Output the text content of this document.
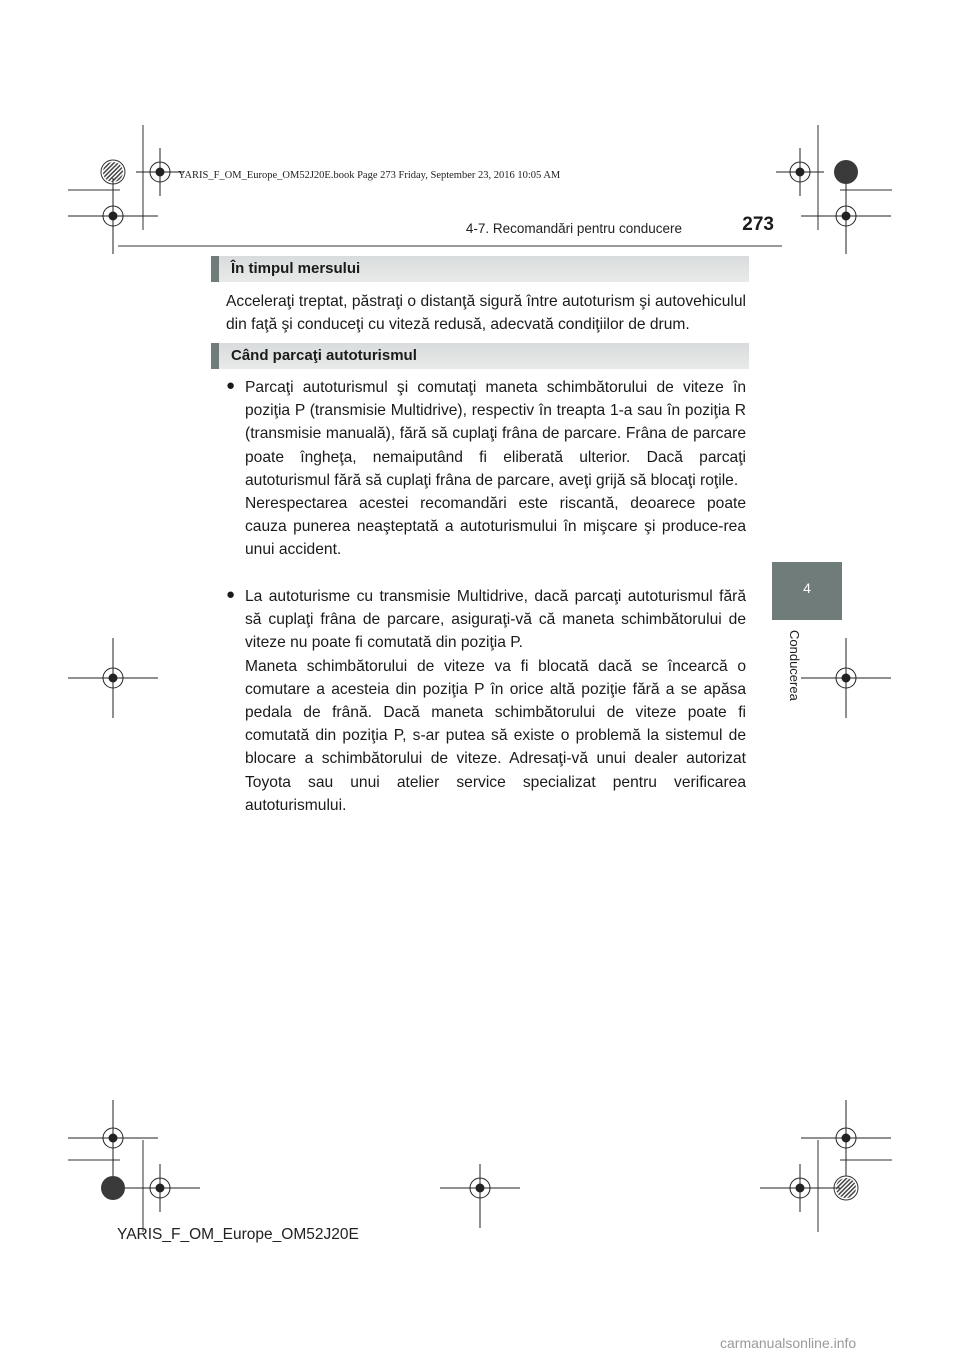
YARIS_F_OM_Europe_OM52J20E.book Page 273 Friday, September 23, 2016 10:05 AM
4-7. Recomandări pentru conducere	273
4
Conducerea
În timpul mersului
Acceleraţi treptat, păstraţi o distanţă sigură între autoturism şi autovehiculul din faţă şi conduceţi cu viteză redusă, adecvată condiţiilor de drum.
Când parcaţi autoturismul
● Parcaţi autoturismul şi comutaţi maneta schimbătorului de viteze în poziţia P (transmisie Multidrive), respectiv în treapta 1-a sau în poziţia R (transmisie manuală), fără să cuplaţi frâna de parcare. Frâna de parcare poate îngheţa, nemaiputând fi eliberată ulterior. Dacă parcaţi autoturismul fără să cuplaţi frâna de parcare, aveţi grijă să blocaţi roţile.
Nerespectarea acestei recomandări este riscantă, deoarece poate cauza punerea neaşteptată a autoturismului în mişcare şi produce-rea unui accident.
● La autoturisme cu transmisie Multidrive, dacă parcaţi autoturismul fără să cuplaţi frâna de parcare, asiguraţi-vă că maneta schimbătorului de viteze nu poate fi comutată din poziţia P.
Maneta schimbătorului de viteze va fi blocată dacă se încearcă o comutare a acesteia din poziţia P în orice altă poziţie fără a se apăsa pedala de frână. Dacă maneta schimbătorului de viteze poate fi comutată din poziţia P, s-ar putea să existe o problemă la sistemul de blocare a schimbătorului de viteze. Adresaţi-vă unui dealer autorizat Toyota sau unui atelier service specializat pentru verificarea autoturismului.
YARIS_F_OM_Europe_OM52J20E
carmanualsonline.info
